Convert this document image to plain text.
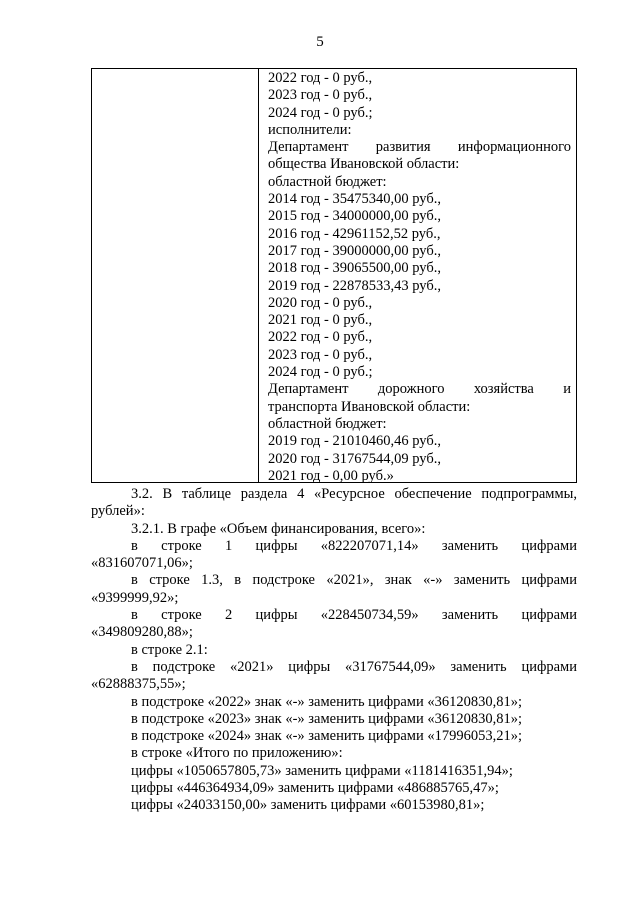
5
2022 год - 0 руб.,
2023 год - 0 руб.,
2024 год - 0 руб.;
исполнители:
Департамент развития информационного
общества Ивановской области:
областной бюджет:
2014 год - 35475340,00 руб.,
2015 год - 34000000,00 руб.,
2016 год - 42961152,52 руб.,
2017 год - 39000000,00 руб.,
2018 год - 39065500,00 руб.,
2019 год - 22878533,43 руб.,
2020 год - 0 руб.,
2021 год - 0 руб.,
2022 год - 0 руб.,
2023 год - 0 руб.,
2024 год - 0 руб.;
Департамент дорожного хозяйства и
транспорта Ивановской области:
областной бюджет:
2019 год - 21010460,46 руб.,
2020 год - 31767544,09 руб.,
2021 год - 0,00 руб.»
3.2. В таблице раздела 4 «Ресурсное обеспечение подпрограммы,
рублей»:
3.2.1. В графе «Объем финансирования, всего»:
в строке 1 цифры «822207071,14» заменить цифрами
«831607071,06»;
в строке 1.3, в подстроке «2021», знак «-» заменить цифрами
«9399999,92»;
в строке 2 цифры «228450734,59» заменить цифрами
«349809280,88»;
в строке 2.1:
в подстроке «2021» цифры «31767544,09» заменить цифрами
«62888375,55»;
в подстроке «2022» знак «-» заменить цифрами «36120830,81»;
в подстроке «2023» знак «-» заменить цифрами «36120830,81»;
в подстроке «2024» знак «-» заменить цифрами «17996053,21»;
в строке «Итого по приложению»:
цифры «1050657805,73» заменить цифрами «1181416351,94»;
цифры «446364934,09» заменить цифрами «486885765,47»;
цифры «24033150,00» заменить цифрами «60153980,81»;
